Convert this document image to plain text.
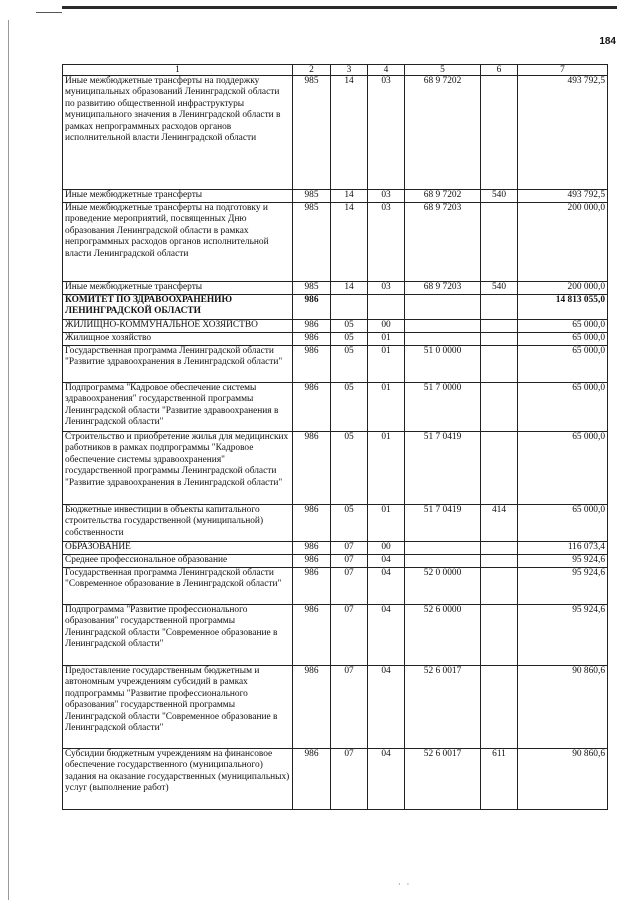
184
1	2	3	4	5	6	7
Иные межбюджетные трансферты на поддержку муниципальных образований Ленинградской области по развитию общественной инфраструктуры муниципального значения в Ленинградской области в рамках непрограммных расходов органов исполнительной власти Ленинградской области	985	14	03	68 9 7202		493 792,5
Иные межбюджетные трансферты	985	14	03	68 9 7202	540	493 792,5
Иные межбюджетные трансферты на подготовку и проведение мероприятий, посвященных Дню образования Ленинградской области в рамках непрограммных расходов органов исполнительной власти Ленинградской области	985	14	03	68 9 7203		200 000,0
Иные межбюджетные трансферты	985	14	03	68 9 7203	540	200 000,0
КОМИТЕТ ПО ЗДРАВООХРАНЕНИЮ ЛЕНИНГРАДСКОЙ ОБЛАСТИ	986					14 813 055,0
ЖИЛИЩНО-КОММУНАЛЬНОЕ ХОЗЯЙСТВО	986	05	00			65 000,0
Жилищное хозяйство	986	05	01			65 000,0
Государственная программа Ленинградской области "Развитие здравоохранения в Ленинградской области"	986	05	01	51 0 0000		65 000,0
Подпрограмма "Кадровое обеспечение системы здравоохранения" государственной программы Ленинградской области "Развитие здравоохранения в Ленинградской области"	986	05	01	51 7 0000		65 000,0
Строительство и приобретение жилья для медицинских работников в рамках подпрограммы "Кадровое обеспечение системы здравоохранения" государственной программы Ленинградской области "Развитие здравоохранения в Ленинградской области"	986	05	01	51 7 0419		65 000,0
Бюджетные инвестиции в объекты капитального строительства государственной (муниципальной) собственности	986	05	01	51 7 0419	414	65 000,0
ОБРАЗОВАНИЕ	986	07	00			116 073,4
Среднее профессиональное образование	986	07	04			95 924,6
Государственная программа Ленинградской области "Современное образование в Ленинградской области"	986	07	04	52 0 0000		95 924,6
Подпрограмма "Развитие профессионального образования" государственной программы Ленинградской области "Современное образование в Ленинградской области"	986	07	04	52 6 0000		95 924,6
Предоставление государственным бюджетным и автономным учреждениям субсидий в рамках подпрограммы "Развитие профессионального образования" государственной программы Ленинградской области "Современное образование в Ленинградской области"	986	07	04	52 6 0017		90 860,6
Субсидии бюджетным учреждениям на финансовое обеспечение государственного (муниципального) задания на оказание государственных (муниципальных) услуг (выполнение работ)	986	07	04	52 6 0017	611	90 860,6
·   ·
